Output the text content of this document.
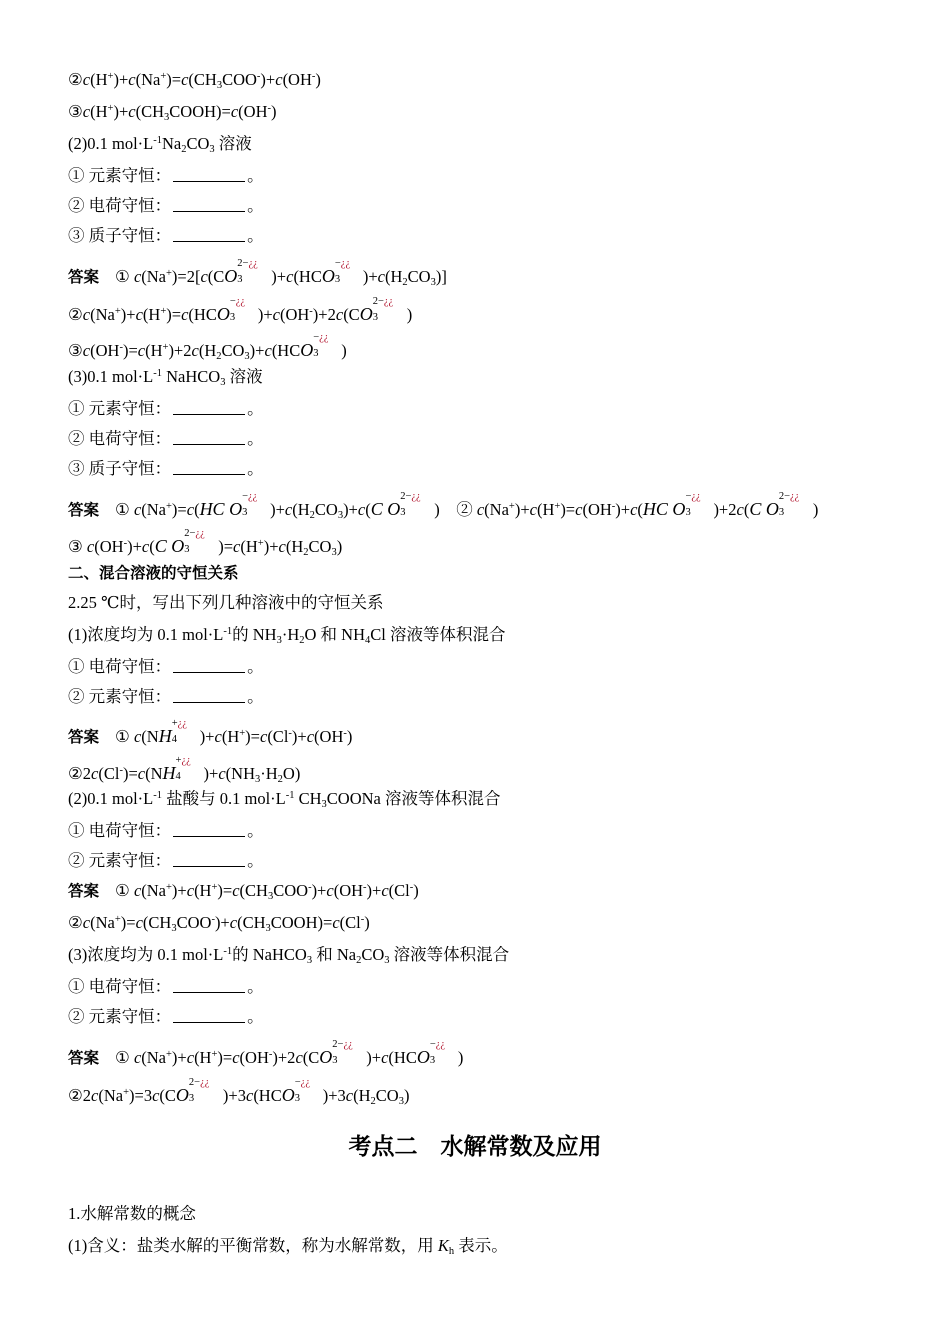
$②c(H^+)+c(Na^+)=c(CH_3COO^-)+c(OH^-)$
$③c(H^+)+c(CH_3COOH)=c(OH^-)$
(2)0.1 $mol\cdot L^{-1}Na_2CO_3$ 溶液
① 元素守恒：	。
② 电荷守恒：	。
③ 质子守恒：	。
答案 ① c(Na+)=2[c(CO
2−¿¿
3 )+c(HCO
−¿¿
3 )$+c(H_2CO_3)$]
②c(Na+)+c(H+)=c(HCO
−¿¿
3 )+c(OH-)+2c(CO
2−¿¿
3 )
$③c(OH^-)=c(H^+)+2c(H_2CO_3)+c(HCO$
−¿¿
3 )
(3)0.1 $mol\cdot L^{-1}$ NaHCO$_3$ 溶液
① 元素守恒：	。
② 电荷守恒：	。
③ 质子守恒：	。
答案 ① c(Na+)=c(HC O
−¿¿
3 )$+c(H_2CO_3)+c(C$ O
2−¿¿
3 )　② c(Na+)+c(H+)=c(OH-)+c(HC O
−¿¿
3 )+2c(C O
2−¿¿
3 )
③ c(OH-)+c(C O
2−¿¿
3 )$=c(H^+)+c(H_2CO_3)$
二、混合溶液的守恒关系
2.25 ℃时，写出下列几种溶液中的守恒关系
(1)浓度均为 0.1 $mol\cdot L^{-1}$的 $NH_3\cdot H_2O$ 和 $NH_4Cl$ 溶液等体积混合
① 电荷守恒：	。
② 元素守恒：	。
答案 ① c(NH
+¿¿
4 )+c(H+)=c(Cl-)+c(OH-)
②2c(Cl-)=c(NH
+¿¿
4 )$+c(NH_3\cdot H_2O)$
(2)0.1 $mol\cdot L^{-1}$ 盐酸与 0.1 $mol\cdot L^{-1}$ $CH_3COONa$ 溶液等体积混合
① 电荷守恒：	。
② 元素守恒：	。
答案 ① $c(Na^+)+c(H^+)=c(CH_3COO^-)+c(OH^-)+c(Cl^-)$
$②c(Na^+)=c(CH_3COO^-)+c(CH_3COOH)=c(Cl^-)$
(3)浓度均为 0.1 $mol\cdot L^{-1}$的 NaHCO$_3$ 和 $Na_2CO_3$ 溶液等体积混合
① 电荷守恒：	。
② 元素守恒：	。
答案 ① c(Na+)+c(H+)=c(OH-)+2c(CO
2−¿¿
3 )+c(HCO
−¿¿
3 )
②2c(Na+)=3c(CO
2−¿¿
3 )+3c(HCO
−¿¿
3 )$+3c(H_2CO_3)$
考点二　水解常数及应用
1.水解常数的概念
(1)含义：盐类水解的平衡常数，称为水解常数，用 $K_h$ 表示。
